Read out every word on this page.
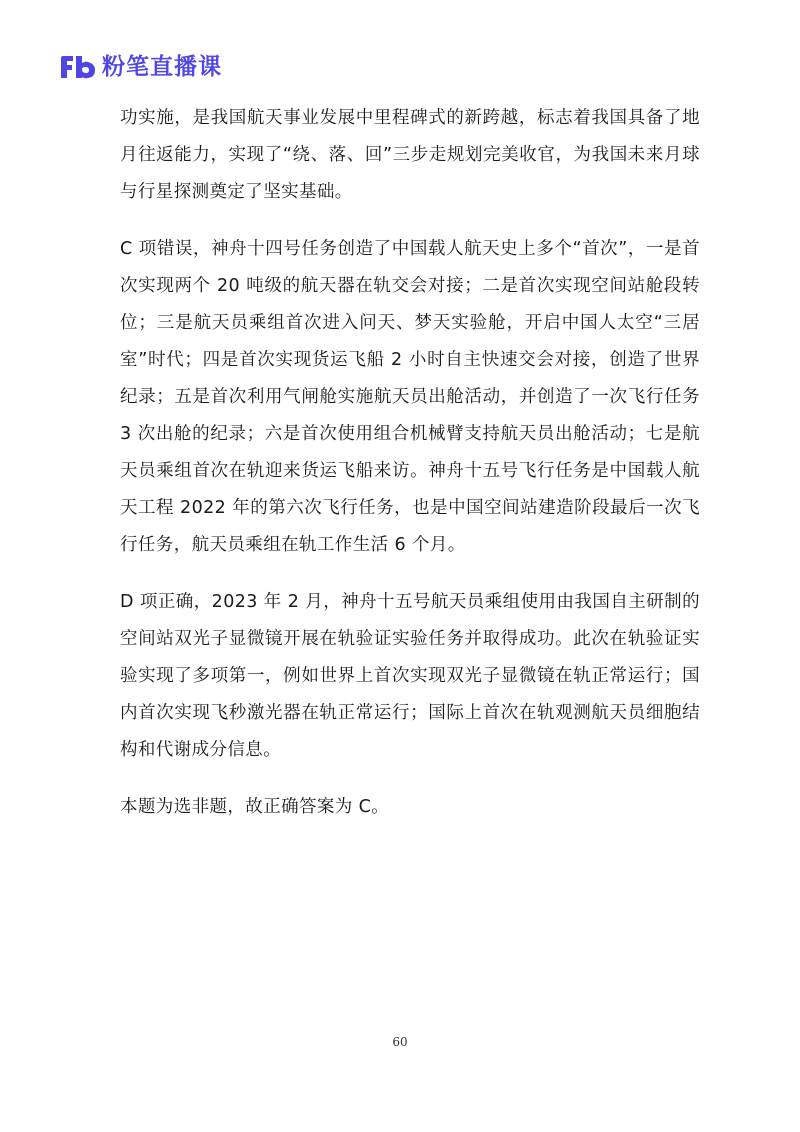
粉笔直播课

功实施，是我国航天事业发展中里程碑式的新跨越，标志着我国具备了地月往返能力，实现了“绕、落、回”三步走规划完美收官，为我国未来月球与行星探测奠定了坚实基础。

C 项错误，神舟十四号任务创造了中国载人航天史上多个“首次”，一是首次实现两个 20 吨级的航天器在轨交会对接；二是首次实现空间站舱段转位；三是航天员乘组首次进入问天、梦天实验舱，开启中国人太空“三居室”时代；四是首次实现货运飞船 2 小时自主快速交会对接，创造了世界纪录；五是首次利用气闸舱实施航天员出舱活动，并创造了一次飞行任务 3 次出舱的纪录；六是首次使用组合机械臂支持航天员出舱活动；七是航天员乘组首次在轨迎来货运飞船来访。神舟十五号飞行任务是中国载人航天工程 2022 年的第六次飞行任务，也是中国空间站建造阶段最后一次飞行任务，航天员乘组在轨工作生活 6 个月。

D 项正确，2023 年 2 月，神舟十五号航天员乘组使用由我国自主研制的空间站双光子显微镜开展在轨验证实验任务并取得成功。此次在轨验证实验实现了多项第一，例如世界上首次实现双光子显微镜在轨正常运行；国内首次实现飞秒激光器在轨正常运行；国际上首次在轨观测航天员细胞结构和代谢成分信息。

本题为选非题，故正确答案为 C。

60
